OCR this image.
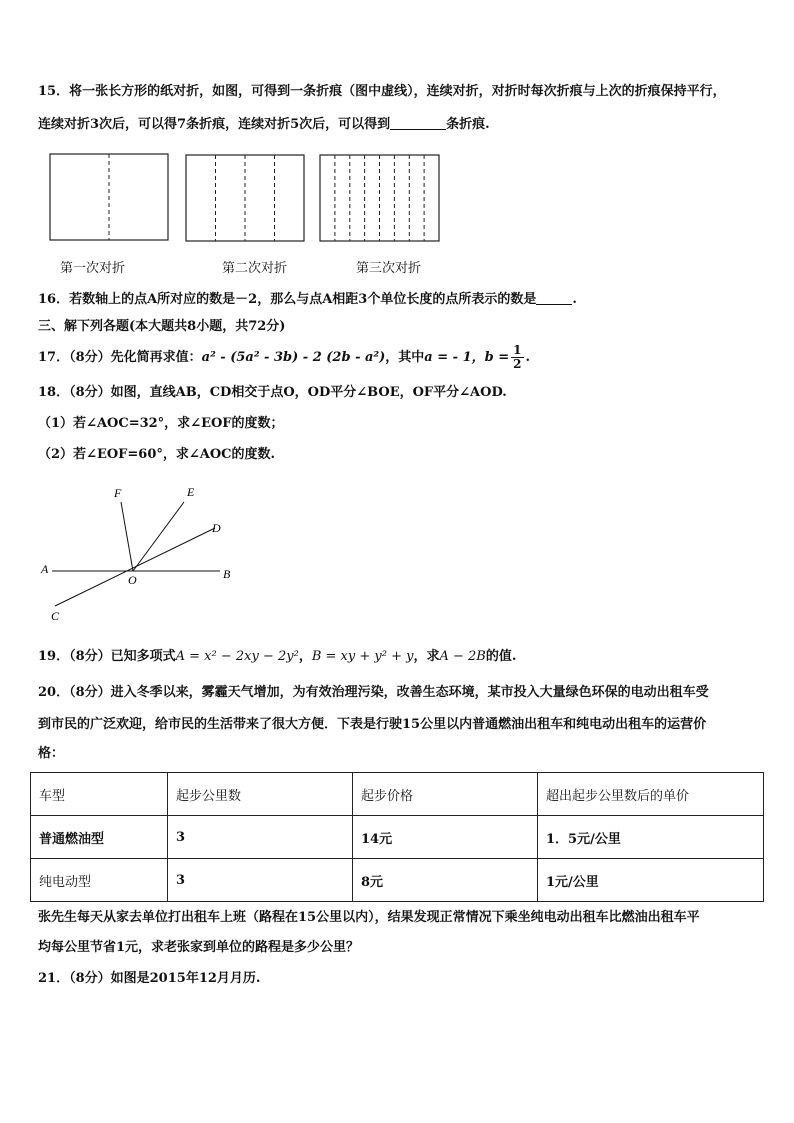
15．将一张长方形的纸对折，如图，可得到一条折痕（图中虚线），连续对折，对折时每次折痕与上次的折痕保持平行，
连续对折3次后，可以得7条折痕，连续对折5次后，可以得到	条折痕.
第一次对折	第二次对折	第三次对折
16．若数轴上的点A所对应的数是－2，那么与点A相距3个单位长度的点所表示的数是	.
三、解下列各题(本大题共8小题，共72分)
17．（8分）先化简再求值：a² - (5a² - 3b) - 2 (2b - a²)，其中a = - 1，$b = \frac{1}{2}$ .
18．（8分）如图，直线AB，CD相交于点O，OD平分∠BOE，OF平分∠AOD.
（1）若∠AOC=32°，求∠EOF的度数；
（2）若∠EOF=60°，求∠AOC的度数.
F	E
D
A
O	B
C
19．（8分）已知多项式A = x² − 2xy − 2y²，B = xy + y² + y，求A − 2B的值.
20．（8分）进入冬季以来，雾霾天气增加，为有效治理污染，改善生态环境，某市投入大量绿色环保的电动出租车受
到市民的广泛欢迎，给市民的生活带来了很大方便．下表是行驶15公里以内普通燃油出租车和纯电动出租车的运营价
格：
车型	起步公里数	起步价格	超出起步公里数后的单价
普通燃油型	3	14元	1．5元/公里
纯电动型	3	8元	1元/公里
张先生每天从家去单位打出租车上班（路程在15公里以内），结果发现正常情况下乘坐纯电动出租车比燃油出租车平
均每公里节省1元，求老张家到单位的路程是多少公里？
21．（8分）如图是2015年12月月历.
